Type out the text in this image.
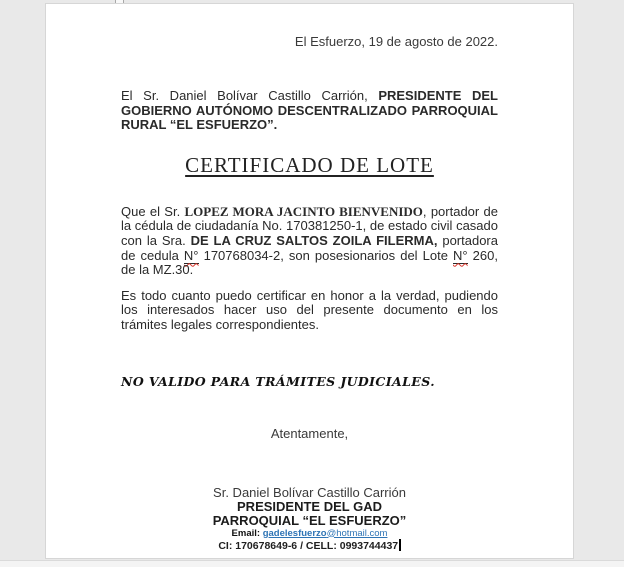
El Esfuerzo, 19 de agosto de 2022.

El Sr. Daniel Bolívar Castillo Carrión, PRESIDENTE DEL GOBIERNO AUTÓNOMO DESCENTRALIZADO PARROQUIAL RURAL “EL ESFUERZO”.

CERTIFICADO DE LOTE

Que el Sr. LOPEZ MORA JACINTO BIENVENIDO, portador de la cédula de ciudadanía No. 170381250-1, de estado civil casado con la Sra. DE LA CRUZ SALTOS ZOILA FILERMA, portadora de cedula N° 170768034-2, son posesionarios del Lote N° 260, de la MZ.30.

Es todo cuanto puedo certificar en honor a la verdad, pudiendo los interesados hacer uso del presente documento en los trámites legales correspondientes.

NO VALIDO PARA TRÁMITES JUDICIALES.

Atentamente,

Sr. Daniel Bolívar Castillo Carrión

PRESIDENTE DEL GAD

PARROQUIAL “EL ESFUERZO”

Email: gadelesfuerzo@hotmail.com

CI: 170678649-6 / CELL: 0993744437
